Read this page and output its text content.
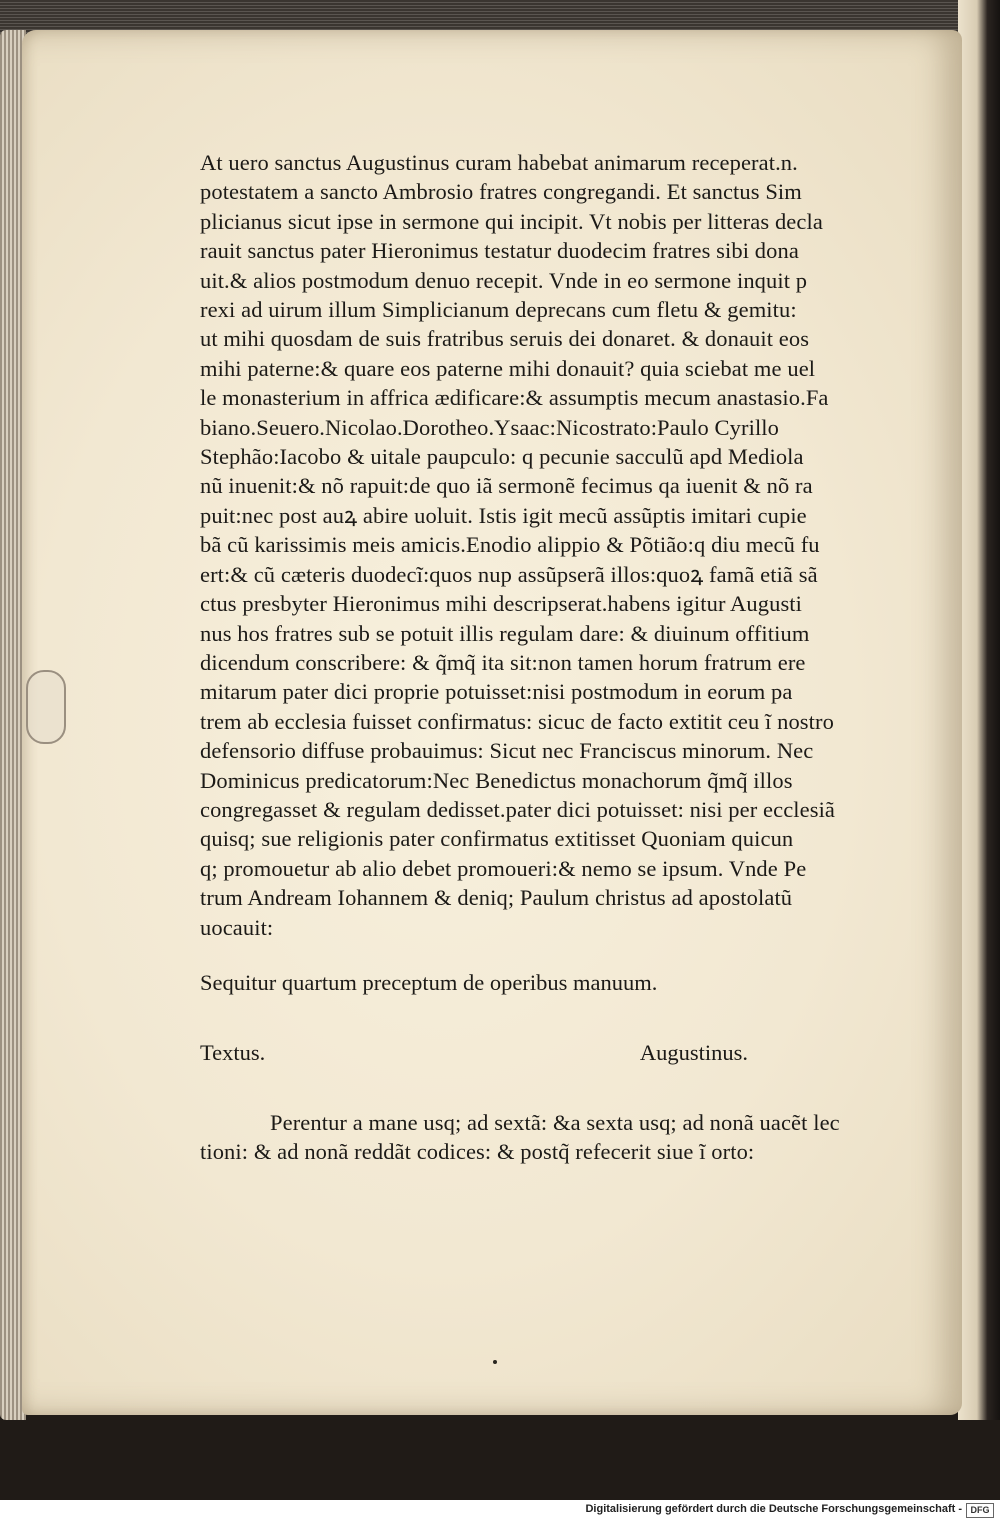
At uero sanctus Augustinus curam habebat animarum receperat.n.
potestatem a sancto Ambrosio fratres congregandi. Et sanctus Sim
plicianus sicut ipse in sermone qui incipit. Vt nobis per litteras decla
rauit sanctus pater Hieronimus testatur duodecim fratres sibi dona
uit.& alios postmodum denuo recepit. Vnde in eo sermone inquit p
rexi ad uirum illum Simplicianum deprecans cum fletu & gemitu:
ut mihi quosdam de suis fratribus seruis dei donaret. & donauit eos
mihi paterne:& quare eos paterne mihi donauit? quia sciebat me uel
le monasterium in affrica ædificare:& assumptis mecum anastasio.Fa
biano.Seuero.Nicolao.Dorotheo.Ysaac:Nicostrato:Paulo Cyrillo
Stephão:Iacobo & uitale paupculo: q pecunie sacculũ apd Mediola
nũ inuenit:& nõ rapuit:de quo iã sermonẽ fecimus qa iuenit & nõ ra
puit:nec post auꝝ abire uoluit. Istis igit mecũ assũptis imitari cupie
bã cũ karissimis meis amicis.Enodio alippio & Põtião:q diu mecũ fu
ert:& cũ cæteris duodecĩ:quos nup assũpserã illos:quoꝝ famã etiã sã
ctus presbyter Hieronimus mihi descripserat.habens igitur Augusti
nus hos fratres sub se potuit illis regulam dare: & diuinum offitium
dicendum conscribere: & q̃mq̃ ita sit:non tamen horum fratrum ere
mitarum pater dici proprie potuisset:nisi postmodum in eorum pa
trem ab ecclesia fuisset confirmatus: sicuc de facto extitit ceu ĩ nostro
defensorio diffuse probauimus: Sicut nec Franciscus minorum. Nec
Dominicus predicatorum:Nec Benedictus monachorum q̃mq̃ illos
congregasset & regulam dedisset.pater dici potuisset: nisi per ecclesiã
quisq; sue religionis pater confirmatus extitisset Quoniam quicun
q; promouetur ab alio debet promoueri:& nemo se ipsum. Vnde Pe
trum Andream Iohannem & deniq; Paulum christus ad apostolatũ
uocauit:
Sequitur quartum preceptum de operibus manuum.
Textus.	Augustinus.
Perentur a mane usq; ad sextã: &a sexta usq; ad nonã uacẽt lec
tioni: & ad nonã reddãt codices: & postq̃ refecerit siue ĩ orto:
Digitalisierung gefördert durch die Deutsche Forschungsgemeinschaft - DFG
